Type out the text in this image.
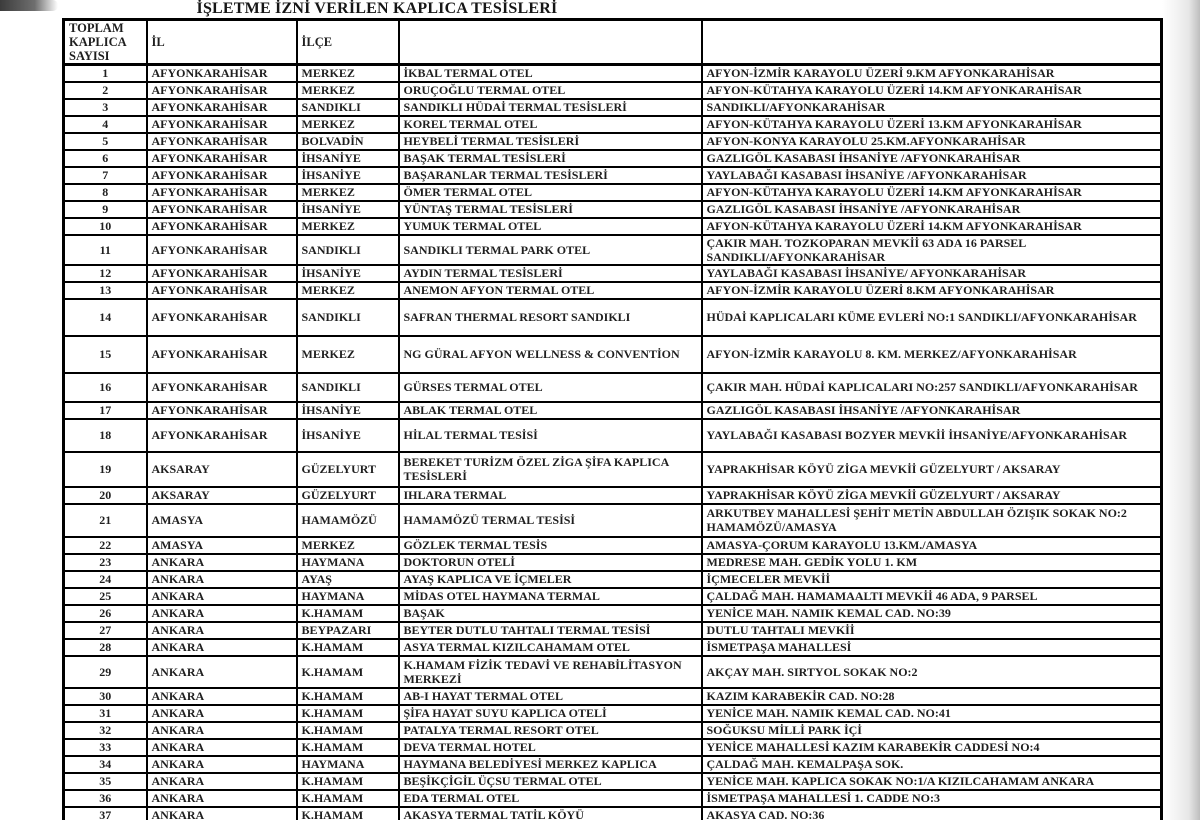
İŞLETME İZNİ VERİLEN KAPLICA TESİSLERİ
TOPLAM KAPLICA SAYISI	İL	İLÇE		
1	AFYONKARAHİSAR	MERKEZ	İKBAL TERMAL OTEL	AFYON-İZMİR KARAYOLU ÜZERİ 9.KM AFYONKARAHİSAR
2	AFYONKARAHİSAR	MERKEZ	ORUÇOĞLU TERMAL OTEL	AFYON-KÜTAHYA KARAYOLU ÜZERİ 14.KM AFYONKARAHİSAR
3	AFYONKARAHİSAR	SANDIKLI	SANDIKLI HÜDAİ TERMAL TESİSLERİ	SANDIKLI/AFYONKARAHİSAR
4	AFYONKARAHİSAR	MERKEZ	KOREL TERMAL OTEL	AFYON-KÜTAHYA KARAYOLU ÜZERİ 13.KM AFYONKARAHİSAR
5	AFYONKARAHİSAR	BOLVADİN	HEYBELİ TERMAL TESİSLERİ	AFYON-KONYA KARAYOLU 25.KM.AFYONKARAHİSAR
6	AFYONKARAHİSAR	İHSANİYE	BAŞAK TERMAL TESİSLERİ	GAZLIGÖL KASABASI İHSANİYE /AFYONKARAHİSAR
7	AFYONKARAHİSAR	İHSANİYE	BAŞARANLAR TERMAL TESİSLERİ	YAYLABAĞI KASABASI İHSANİYE /AFYONKARAHİSAR
8	AFYONKARAHİSAR	MERKEZ	ÖMER TERMAL OTEL	AFYON-KÜTAHYA KARAYOLU ÜZERİ 14.KM AFYONKARAHİSAR
9	AFYONKARAHİSAR	İHSANİYE	YÜNTAŞ TERMAL TESİSLERİ	GAZLIGÖL KASABASI İHSANİYE /AFYONKARAHİSAR
10	AFYONKARAHİSAR	MERKEZ	YUMUK TERMAL OTEL	AFYON-KÜTAHYA KARAYOLU ÜZERİ 14.KM AFYONKARAHİSAR
11	AFYONKARAHİSAR	SANDIKLI	SANDIKLI TERMAL PARK OTEL	ÇAKIR MAH. TOZKOPARAN MEVKİİ 63 ADA 16 PARSEL SANDIKLI/AFYONKARAHİSAR
12	AFYONKARAHİSAR	İHSANİYE	AYDIN TERMAL TESİSLERİ	YAYLABAĞI KASABASI İHSANİYE/ AFYONKARAHİSAR
13	AFYONKARAHİSAR	MERKEZ	ANEMON AFYON TERMAL OTEL	AFYON-İZMİR KARAYOLU ÜZERİ 8.KM AFYONKARAHİSAR
14	AFYONKARAHİSAR	SANDIKLI	SAFRAN THERMAL RESORT SANDIKLI	HÜDAİ KAPLICALARI KÜME EVLERİ NO:1 SANDIKLI/AFYONKARAHİSAR
15	AFYONKARAHİSAR	MERKEZ	NG GÜRAL AFYON WELLNESS & CONVENTİON	AFYON-İZMİR KARAYOLU 8. KM. MERKEZ/AFYONKARAHİSAR
16	AFYONKARAHİSAR	SANDIKLI	GÜRSES TERMAL OTEL	ÇAKIR MAH. HÜDAİ KAPLICALARI NO:257 SANDIKLI/AFYONKARAHİSAR
17	AFYONKARAHİSAR	İHSANİYE	ABLAK TERMAL OTEL	GAZLIGÖL KASABASI İHSANİYE /AFYONKARAHİSAR
18	AFYONKARAHİSAR	İHSANİYE	HİLAL TERMAL TESİSİ	YAYLABAĞI KASABASI BOZYER MEVKİİ İHSANİYE/AFYONKARAHİSAR
19	AKSARAY	GÜZELYURT	BEREKET TURİZM ÖZEL ZİGA ŞİFA KAPLICA TESİSLERİ	YAPRAKHİSAR KÖYÜ ZİGA MEVKİİ GÜZELYURT / AKSARAY
20	AKSARAY	GÜZELYURT	IHLARA TERMAL	YAPRAKHİSAR KÖYÜ ZİGA MEVKİİ GÜZELYURT / AKSARAY
21	AMASYA	HAMAMÖZÜ	HAMAMÖZÜ TERMAL TESİSİ	ARKUTBEY MAHALLESİ ŞEHİT METİN ABDULLAH ÖZIŞIK SOKAK NO:2 HAMAMÖZÜ/AMASYA
22	AMASYA	MERKEZ	GÖZLEK TERMAL TESİS	AMASYA-ÇORUM KARAYOLU 13.KM./AMASYA
23	ANKARA	HAYMANA	DOKTORUN OTELİ	MEDRESE MAH. GEDİK YOLU 1. KM
24	ANKARA	AYAŞ	AYAŞ KAPLICA VE İÇMELER	İÇMECELER MEVKİİ
25	ANKARA	HAYMANA	MİDAS OTEL HAYMANA TERMAL	ÇALDAĞ MAH. HAMAMAALTI MEVKİİ 46 ADA, 9 PARSEL
26	ANKARA	K.HAMAM	BAŞAK	YENİCE MAH. NAMIK KEMAL CAD. NO:39
27	ANKARA	BEYPAZARI	BEYTER DUTLU TAHTALI TERMAL TESİSİ	DUTLU TAHTALI MEVKİİ
28	ANKARA	K.HAMAM	ASYA TERMAL KIZILCAHAMAM OTEL	İSMETPAŞA MAHALLESİ
29	ANKARA	K.HAMAM	K.HAMAM FİZİK TEDAVİ VE REHABİLİTASYON MERKEZİ	AKÇAY MAH. SIRTYOL SOKAK NO:2
30	ANKARA	K.HAMAM	AB-I HAYAT TERMAL OTEL	KAZIM KARABEKİR CAD. NO:28
31	ANKARA	K.HAMAM	ŞİFA HAYAT SUYU KAPLICA OTELİ	YENİCE MAH. NAMIK KEMAL CAD. NO:41
32	ANKARA	K.HAMAM	PATALYA TERMAL RESORT OTEL	SOĞUKSU MİLLİ PARK İÇİ
33	ANKARA	K.HAMAM	DEVA TERMAL HOTEL	YENİCE MAHALLESİ KAZIM KARABEKİR CADDESİ NO:4
34	ANKARA	HAYMANA	HAYMANA BELEDİYESİ MERKEZ KAPLICA	ÇALDAĞ MAH. KEMALPAŞA SOK.
35	ANKARA	K.HAMAM	BEŞİKÇİGİL ÜÇSU TERMAL OTEL	YENİCE MAH. KAPLICA SOKAK NO:1/A KIZILCAHAMAM ANKARA
36	ANKARA	K.HAMAM	EDA TERMAL OTEL	İSMETPAŞA MAHALLESİ 1. CADDE NO:3
37	ANKARA	K.HAMAM	AKASYA TERMAL TATİL KÖYÜ	AKASYA CAD. NO:36
